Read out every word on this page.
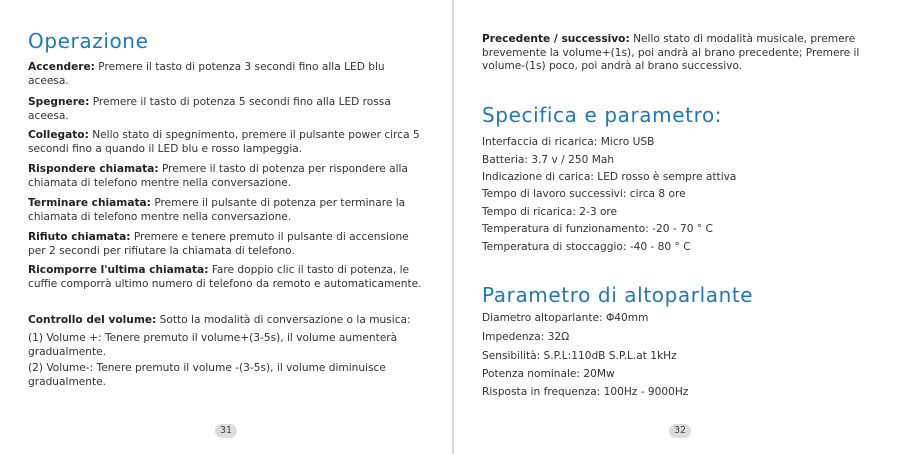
Operazione

Accendere: Premere il tasto di potenza 3 secondi fino alla LED blu aceesa.

Spegnere: Premere il tasto di potenza 5 secondi fino alla LED rossa aceesa.

Collegato: Nello stato di spegnimento, premere il pulsante power circa 5 secondi fino a quando il LED blu e rosso lampeggia.

Rispondere chiamata: Premere il tasto di potenza per rispondere alla chiamata di telefono mentre nella conversazione.

Terminare chiamata: Premere il pulsante di potenza per terminare la chiamata di telefono mentre nella conversazione.

Rifiuto chiamata: Premere e tenere premuto il pulsante di accensione per 2 secondi per rifiutare la chiamata di telefono.

Ricomporre l'ultima chiamata: Fare doppio clic il tasto di potenza, le cuffie comporrà ultimo numero di telefono da remoto e automaticamente.

Controllo del volume: Sotto la modalità di conversazione o la musica:

(1) Volume +: Tenere premuto il volume+(3-5s), il volume aumenterà gradualmente.

(2) Volume-: Tenere premuto il volume -(3-5s), il volume diminuisce gradualmente.

31

Precedente / successivo: Nello stato di modalità musicale, premere brevemente la volume+(1s), poi andrà al brano precedente; Premere il volume-(1s) poco, poi andrà al brano successivo.

Specifica e parametro:

Interfaccia di ricarica: Micro USB

Batteria: 3.7 v / 250 Mah

Indicazione di carica: LED rosso è sempre attiva

Tempo di lavoro successivi: circa 8 ore

Tempo di ricarica: 2-3 ore

Temperatura di funzionamento: -20 - 70 ° C

Temperatura di stoccaggio: -40 - 80 ° C

Parametro di altoparlante

Diametro altoparlante: Φ40mm

Impedenza: 32Ω

Sensibilità: S.P.L:110dB S.P.L.at 1kHz

Potenza nominale: 20Mw

Risposta in frequenza: 100Hz - 9000Hz

32
